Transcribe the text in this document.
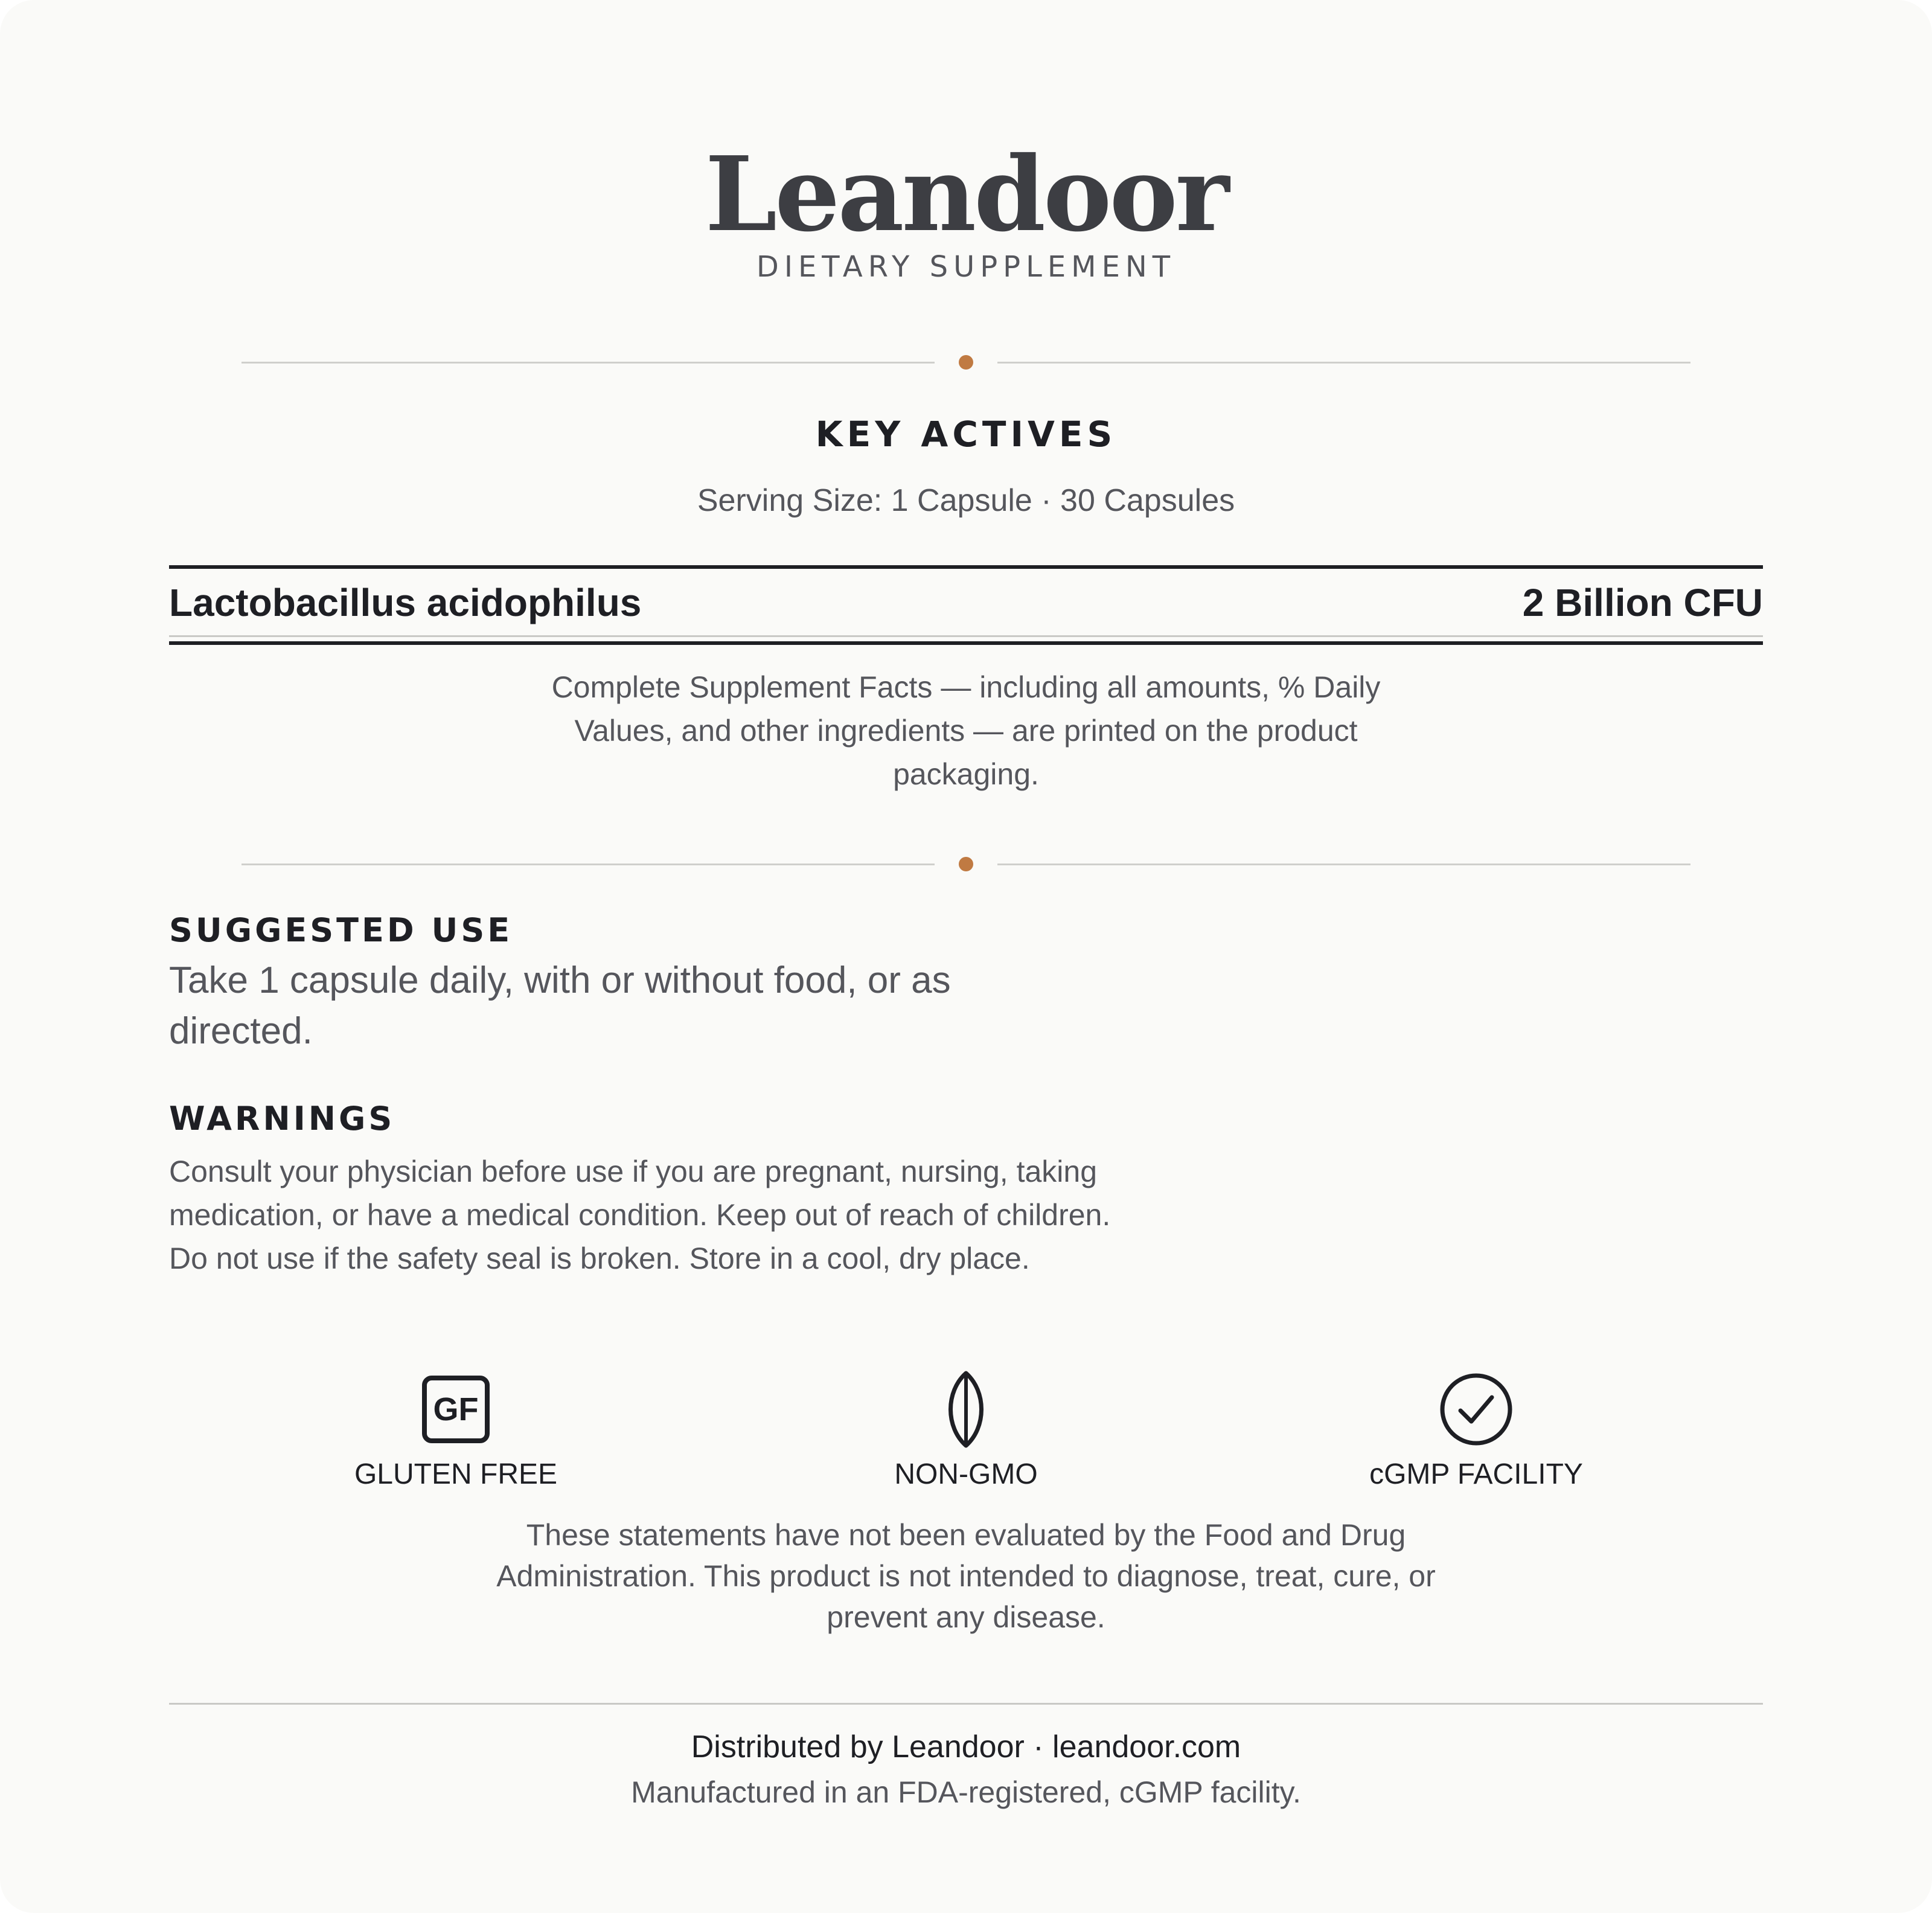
Leandoor
DIETARY SUPPLEMENT
KEY ACTIVES
Serving Size: 1 Capsule · 30 Capsules
Lactobacillus acidophilus	2 Billion CFU
Complete Supplement Facts — including all amounts, % Daily Values, and other ingredients — are printed on the product packaging.
SUGGESTED USE
Take 1 capsule daily, with or without food, or as directed.
WARNINGS
Consult your physician before use if you are pregnant, nursing, taking medication, or have a medical condition. Keep out of reach of children. Do not use if the safety seal is broken. Store in a cool, dry place.
GF
GLUTEN FREE	NON-GMO	cGMP FACILITY
These statements have not been evaluated by the Food and Drug Administration. This product is not intended to diagnose, treat, cure, or prevent any disease.
Distributed by Leandoor · leandoor.com
Manufactured in an FDA-registered, cGMP facility.
